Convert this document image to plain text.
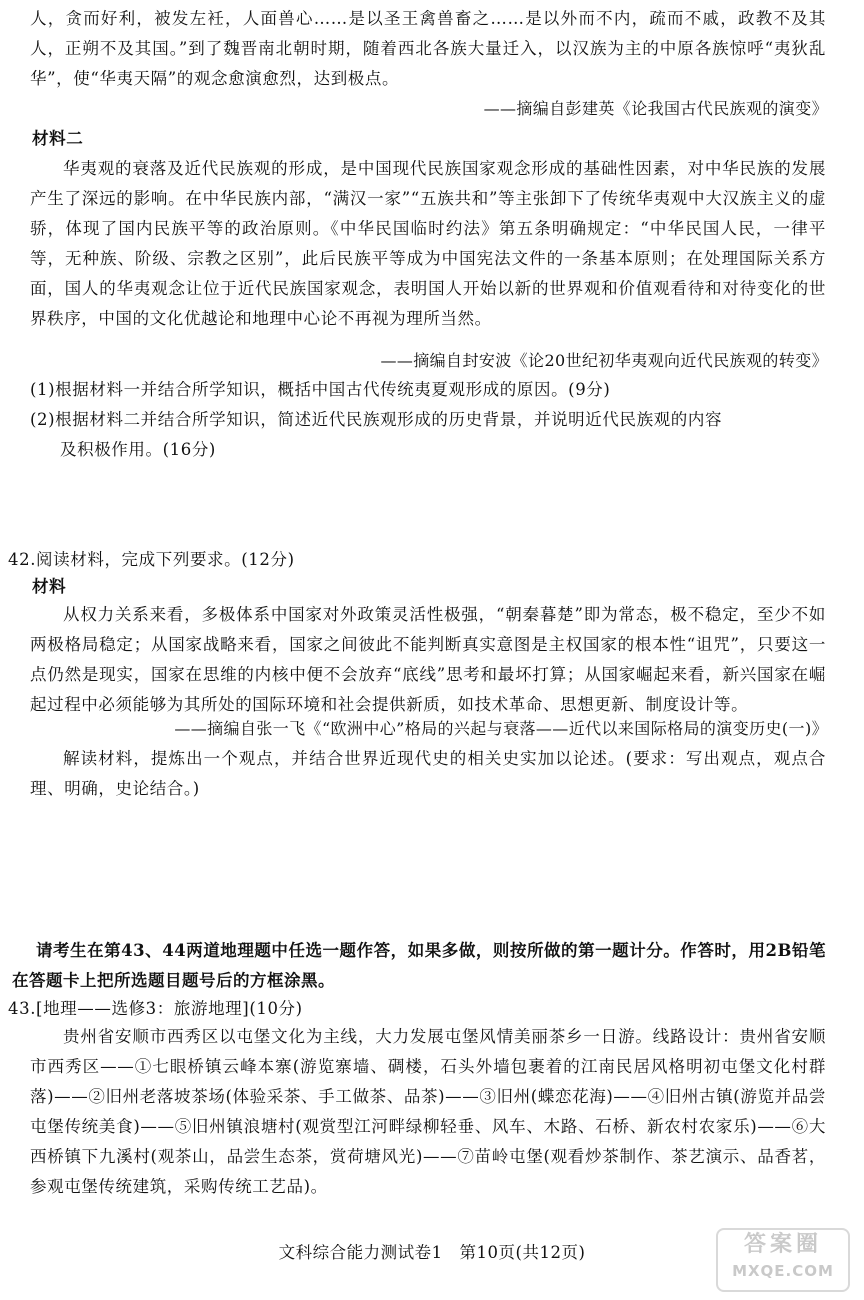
人，贪而好利，被发左衽，人面兽心……是以圣王禽兽畜之……是以外而不内，疏而不戚，政教不及其人，正朔不及其国。”到了魏晋南北朝时期，随着西北各族大量迁入，以汉族为主的中原各族惊呼“夷狄乱华”，使“华夷天隔”的观念愈演愈烈，达到极点。

——摘编自彭建英《论我国古代民族观的演变》

材料二

华夷观的衰落及近代民族观的形成，是中国现代民族国家观念形成的基础性因素，对中华民族的发展产生了深远的影响。在中华民族内部，“满汉一家”“五族共和”等主张卸下了传统华夷观中大汉族主义的虚骄，体现了国内民族平等的政治原则。《中华民国临时约法》第五条明确规定：“中华民国人民，一律平等，无种族、阶级、宗教之区别”，此后民族平等成为中国宪法文件的一条基本原则；在处理国际关系方面，国人的华夷观念让位于近代民族国家观念，表明国人开始以新的世界观和价值观看待和对待变化的世界秩序，中国的文化优越论和地理中心论不再视为理所当然。

——摘编自封安波《论20世纪初华夷观向近代民族观的转变》

(1)根据材料一并结合所学知识，概括中国古代传统夷夏观形成的原因。(9分)

(2)根据材料二并结合所学知识，简述近代民族观形成的历史背景，并说明近代民族观的内容

及积极作用。(16分)

42.阅读材料，完成下列要求。(12分)

材料

从权力关系来看，多极体系中国家对外政策灵活性极强，“朝秦暮楚”即为常态，极不稳定，至少不如两极格局稳定；从国家战略来看，国家之间彼此不能判断真实意图是主权国家的根本性“诅咒”，只要这一点仍然是现实，国家在思维的内核中便不会放弃“底线”思考和最坏打算；从国家崛起来看，新兴国家在崛起过程中必须能够为其所处的国际环境和社会提供新质，如技术革命、思想更新、制度设计等。

——摘编自张一飞《“欧洲中心”格局的兴起与衰落——近代以来国际格局的演变历史(一)》

解读材料，提炼出一个观点，并结合世界近现代史的相关史实加以论述。(要求：写出观点，观点合理、明确，史论结合。)

请考生在第43、44两道地理题中任选一题作答，如果多做，则按所做的第一题计分。作答时，用2B铅笔在答题卡上把所选题目题号后的方框涂黑。

43.[地理——选修3：旅游地理](10分)

贵州省安顺市西秀区以屯堡文化为主线，大力发展屯堡风情美丽茶乡一日游。线路设计：贵州省安顺市西秀区——①七眼桥镇云峰本寨(游览寨墙、碉楼，石头外墙包裹着的江南民居风格明初屯堡文化村群落)——②旧州老落坡茶场(体验采茶、手工做茶、品茶)——③旧州(蝶恋花海)——④旧州古镇(游览并品尝屯堡传统美食)——⑤旧州镇浪塘村(观赏型江河畔绿柳轻垂、风车、木路、石桥、新农村农家乐)——⑥大西桥镇下九溪村(观茶山，品尝生态茶，赏荷塘风光)——⑦苗岭屯堡(观看炒茶制作、茶艺演示、品香茗，参观屯堡传统建筑，采购传统工艺品)。

文科综合能力测试卷1　第10页(共12页)	答案圈
MXQE.COM
